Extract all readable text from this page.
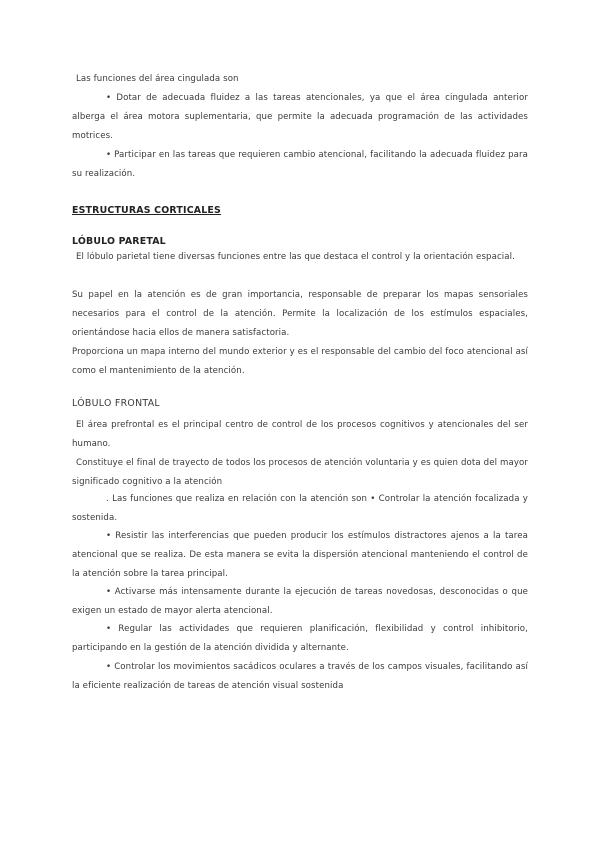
Las funciones del área cingulada son
• Dotar de adecuada fluidez a las tareas atencionales, ya que el área cingulada anterior alberga el área motora suplementaria, que permite la adecuada programación de las actividades motrices.
• Participar en las tareas que requieren cambio atencional, facilitando la adecuada fluidez para su realización.
ESTRUCTURAS CORTICALES
LÓBULO PARETAL
El lóbulo parietal tiene diversas funciones entre las que destaca el control y la orientación espacial.
Su papel en la atención es de gran importancia, responsable de preparar los mapas sensoriales necesarios para el control de la atención. Permite la localización de los estímulos espaciales, orientándose hacia ellos de manera satisfactoria.
Proporciona un mapa interno del mundo exterior y es el responsable del cambio del foco atencional así como el mantenimiento de la atención.
LÓBULO FRONTAL
El área prefrontal es el principal centro de control de los procesos cognitivos y atencionales del ser humano.
Constituye el final de trayecto de todos los procesos de atención voluntaria y es quien dota del mayor significado cognitivo a la atención
. Las funciones que realiza en relación con la atención son • Controlar la atención focalizada y sostenida.
• Resistir las interferencias que pueden producir los estímulos distractores ajenos a la tarea atencional que se realiza. De esta manera se evita la dispersión atencional manteniendo el control de la atención sobre la tarea principal.
• Activarse más intensamente durante la ejecución de tareas novedosas, desconocidas o que exigen un estado de mayor alerta atencional.
• Regular las actividades que requieren planificación, flexibilidad y control inhibitorio, participando en la gestión de la atención dividida y alternante.
• Controlar los movimientos sacádicos oculares a través de los campos visuales, facilitando así la eficiente realización de tareas de atención visual sostenida
